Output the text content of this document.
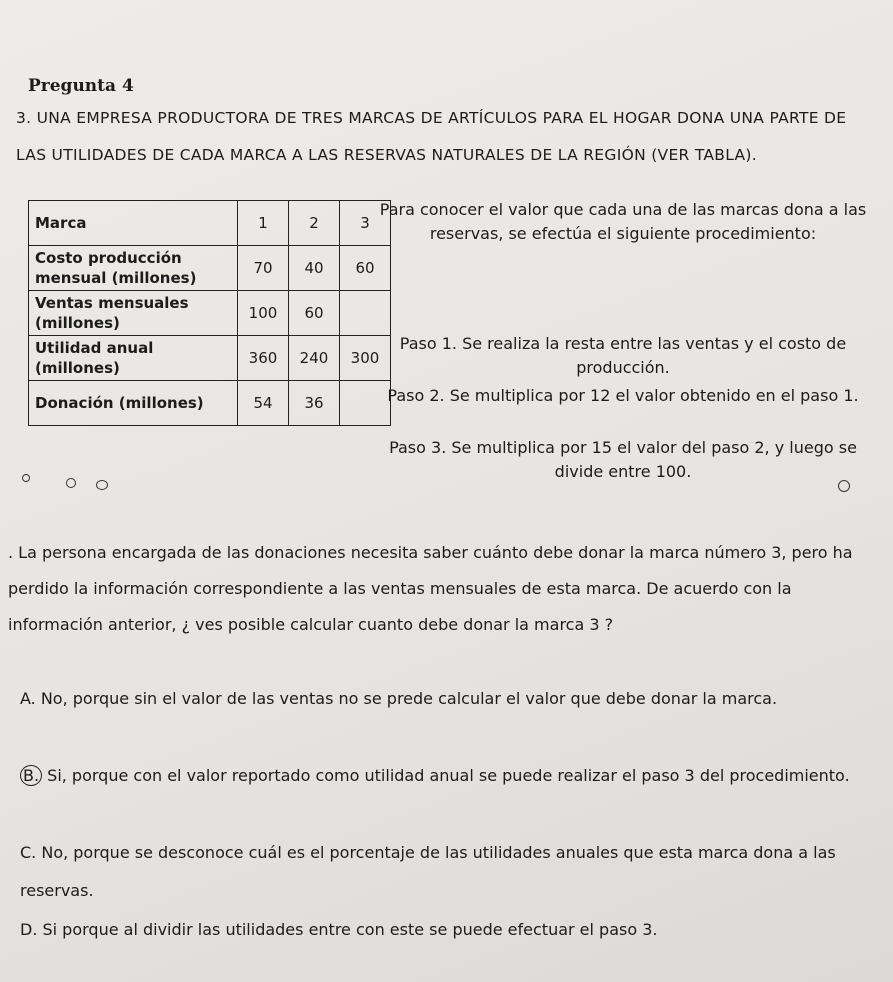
Pregunta 4
3. UNA EMPRESA PRODUCTORA DE TRES MARCAS DE ARTÍCULOS PARA EL HOGAR DONA UNA PARTE DE LAS UTILIDADES DE CADA MARCA A LAS RESERVAS NATURALES DE LA REGIÓN (VER TABLA).
Marca	1	2	3
Costo producción mensual (millones)	70	40	60
Ventas mensuales (millones)	100	60	
Utilidad anual (millones)	360	240	300
Donación (millones)	54	36	
Para conocer el valor que cada una de las marcas dona a las reservas, se efectúa el siguiente procedimiento:
Paso 1. Se realiza la resta entre las ventas y el costo de producción.
Paso 2. Se multiplica por 12 el valor obtenido en el paso 1.
Paso 3. Se multiplica por 15 el valor del paso 2, y luego se divide entre 100.
. La persona encargada de las donaciones necesita saber cuánto debe donar la marca número 3, pero ha perdido la información correspondiente a las ventas mensuales de esta marca. De acuerdo con la información anterior, ¿ ves posible calcular cuanto debe donar la marca 3 ?
A. No, porque sin el valor de las ventas no se prede calcular el valor que debe donar la marca.
B. Si, porque con el valor reportado como utilidad anual se puede realizar el paso 3 del procedimiento.
C. No, porque se desconoce cuál es el porcentaje de las utilidades anuales que esta marca dona a las reservas.
D. Si porque al dividir las utilidades entre con este se puede efectuar el paso 3.
